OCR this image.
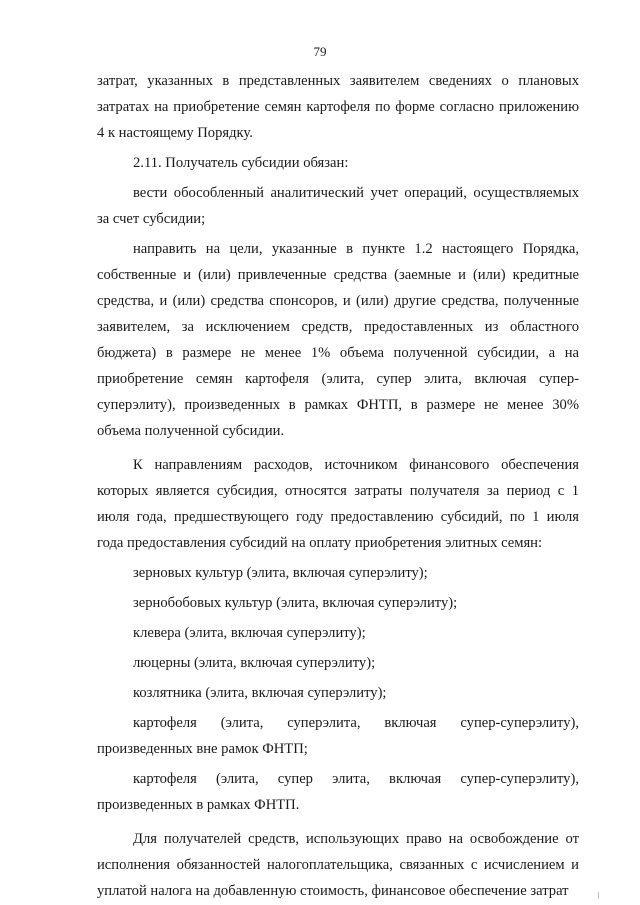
79

затрат, указанных в представленных заявителем сведениях о плановых затратах на приобретение семян картофеля по форме согласно приложению 4 к настоящему Порядку.

2.11. Получатель субсидии обязан:

вести обособленный аналитический учет операций, осуществляемых за счет субсидии;

направить на цели, указанные в пункте 1.2 настоящего Порядка, собственные и (или) привлеченные средства (заемные и (или) кредитные средства, и (или) средства спонсоров, и (или) другие средства, полученные заявителем, за исключением средств, предоставленных из областного бюджета) в размере не менее 1% объема полученной субсидии, а на приобретение семян картофеля (элита, супер элита, включая супер-суперэлиту), произведенных в рамках ФНТП, в размере не менее 30% объема полученной субсидии.

К направлениям расходов, источником финансового обеспечения которых является субсидия, относятся затраты получателя за период с 1 июля года, предшествующего году предоставлению субсидий, по 1 июля года предоставления субсидий на оплату приобретения элитных семян:

зерновых культур (элита, включая суперэлиту);

зернобобовых культур (элита, включая суперэлиту);

клевера (элита, включая суперэлиту);

люцерны (элита, включая суперэлиту);

козлятника (элита, включая суперэлиту);

картофеля (элита, суперэлита, включая супер-суперэлиту), произведенных вне рамок ФНТП;

картофеля (элита, супер элита, включая супер-суперэлиту), произведенных в рамках ФНТП.

Для получателей средств, использующих право на освобождение от исполнения обязанностей налогоплательщика, связанных с исчислением и уплатой налога на добавленную стоимость, финансовое обеспечение затрат
